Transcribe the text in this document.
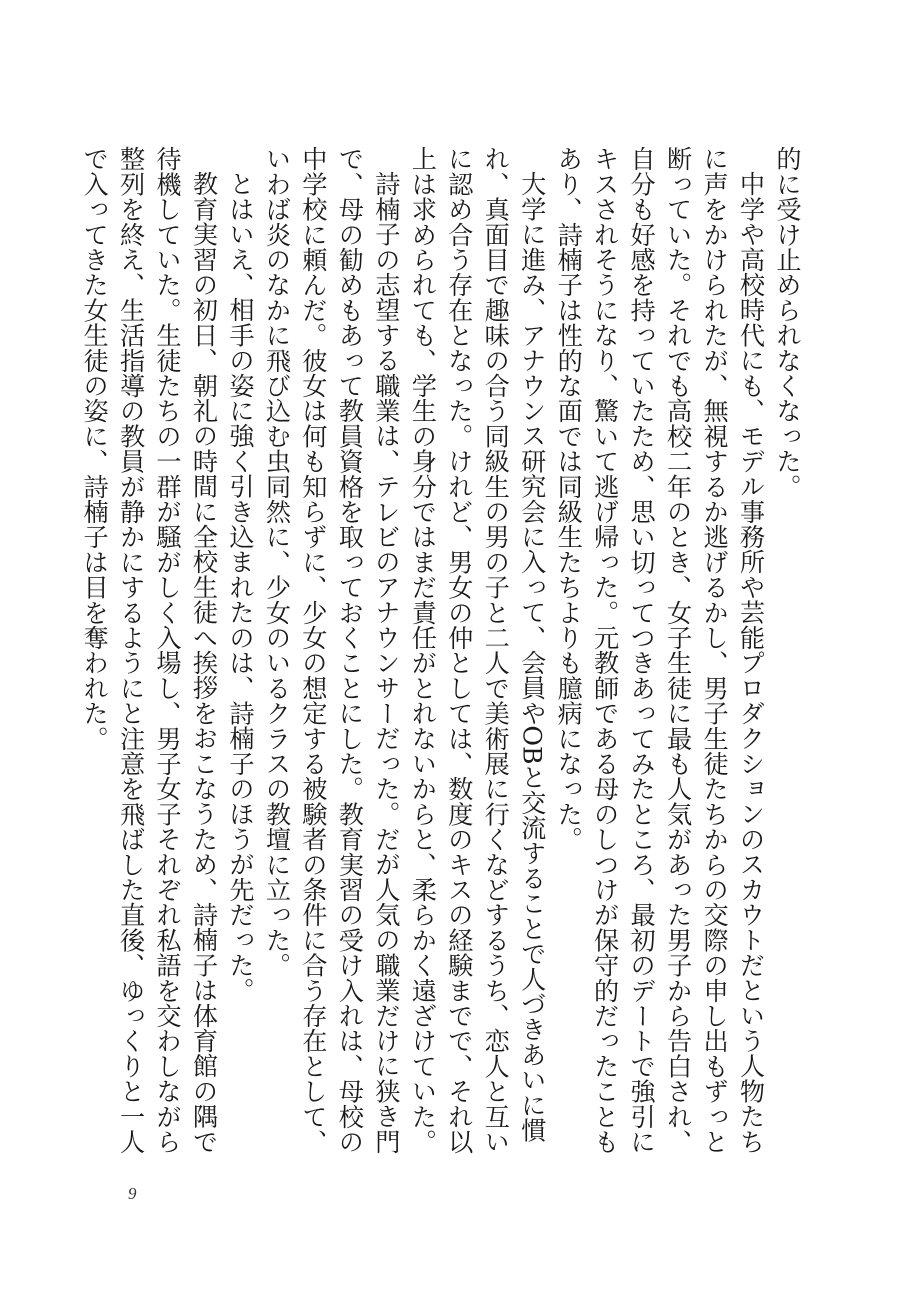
的に受け止められなくなった。

中学や高校時代にも、モデル事務所や芸能プロダクションのスカウトだという人物たちに声をかけられたが、無視するか逃げるかし、男子生徒たちからの交際の申し出もずっと断っていた。それでも高校二年のとき、女子生徒に最も人気があった男子から告白され、自分も好感を持っていたため、思い切ってつきあってみたところ、最初のデートで強引にキスされそうになり、驚いて逃げ帰った。元教師である母のしつけが保守的だったこともあり、詩楠子は性的な面では同級生たちよりも臆病になった。

大学に進み、アナウンス研究会に入って、会員やOBと交流することで人づきあいに慣れ、真面目で趣味の合う同級生の男の子と二人で美術展に行くなどするうち、恋人と互いに認め合う存在となった。けれど、男女の仲としては、数度のキスの経験までで、それ以上は求められても、学生の身分ではまだ責任がとれないからと、柔らかく遠ざけていた。

詩楠子の志望する職業は、テレビのアナウンサーだった。だが人気の職業だけに狭き門で、母の勧めもあって教員資格を取っておくことにした。教育実習の受け入れは、母校の中学校に頼んだ。彼女は何も知らずに、少女の想定する被験者の条件に合う存在として、いわば炎のなかに飛び込む虫同然に、少女のいるクラスの教壇に立った。

とはいえ、相手の姿に強く引き込まれたのは、詩楠子のほうが先だった。

教育実習の初日、朝礼の時間に全校生徒へ挨拶をおこなうため、詩楠子は体育館の隅で待機していた。生徒たちの一群が騒がしく入場し、男子女子それぞれ私語を交わしながら整列を終え、生活指導の教員が静かにするようにと注意を飛ばした直後、ゆっくりと一人で入ってきた女生徒の姿に、詩楠子は目を奪われた。

9
